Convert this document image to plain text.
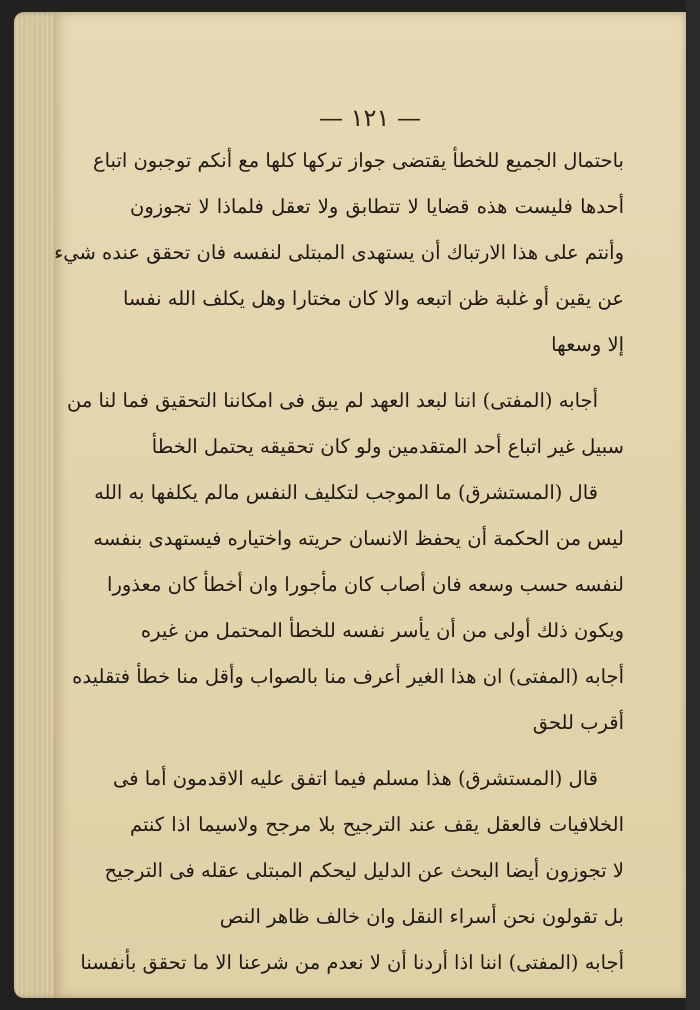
— ١٢١ —
باحتمال الجميع للخطأ يقتضى جواز تركها كلها مع أنكم توجبون اتباع
أحدها فليست هذه قضايا لا تتطابق ولا تعقل فلماذا لا تجوزون
وأنتم على هذا الارتباك أن يستهدى المبتلى لنفسه فان تحقق عنده شيء
عن يقين أو غلبة ظن اتبعه والا كان مختارا وهل يكلف الله نفسا
إلا وسعها
أجابه (المفتى) اننا لبعد العهد لم يبق فى امكاننا التحقيق فما لنا من
سبيل غير اتباع أحد المتقدمين ولو كان تحقيقه يحتمل الخطأ
قال (المستشرق) ما الموجب لتكليف النفس مالم يكلفها به الله
ليس من الحكمة أن يحفظ الانسان حريته واختياره فيستهدى بنفسه
لنفسه حسب وسعه فان أصاب كان مأجورا وان أخطأ كان معذورا
ويكون ذلك أولى من أن يأسر نفسه للخطأ المحتمل من غيره
أجابه (المفتى) ان هذا الغير أعرف منا بالصواب وأقل منا خطأ فتقليده
أقرب للحق
قال (المستشرق) هذا مسلم فيما اتفق عليه الاقدمون أما فى
الخلافيات فالعقل يقف عند الترجيح بلا مرجح ولاسيما اذا كنتم
لا تجوزون أيضا البحث عن الدليل ليحكم المبتلى عقله فى الترجيح
بل تقولون نحن أسراء النقل وان خالف ظاهر النص
أجابه (المفتى) اننا اذا أردنا أن لا نعدم من شرعنا الا ما تحقق بأنفسنا
